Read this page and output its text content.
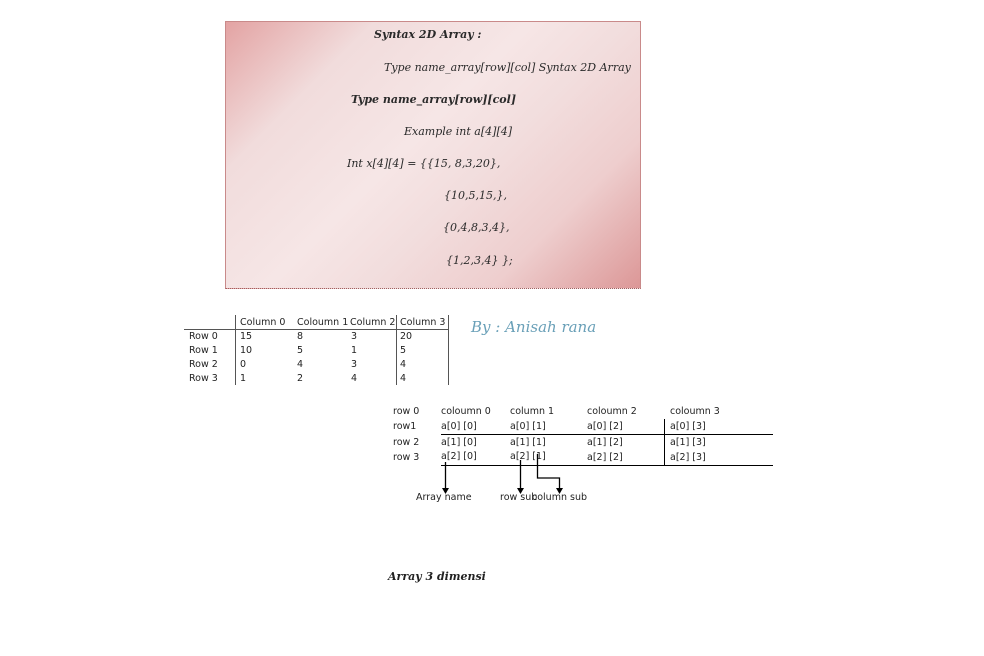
Syntax 2D Array :
Type name_array[row][col] Syntax 2D Array
Type name_array[row][col]
Example int a[4][4]
Int x[4][4] = {{15, 8,3,20},
{10,5,15,},
{0,4,8,3,4},
{1,2,3,4} };
Column 0 Coloumn 1 Column 2 Column 3
Row 0 15	8	3	20
Row 1 10	5	1	5
Row 2 0	4	3	4
Row 3 1	2	4	4
By : Anisah rana
row 0 coloumn 0 column 1	coloumn 2	coloumn 3
row1	a[0] [0]	a[0] [1]	a[0] [2]	a[0] [3]
row 2 a[1] [0]	a[1] [1]	a[1] [2]	a[1] [3]
row 3 a[2] [0]	a[2] [1]	a[2] [2]	a[2] [3]
Array name	row sub
column sub
Array 3 dimensi
